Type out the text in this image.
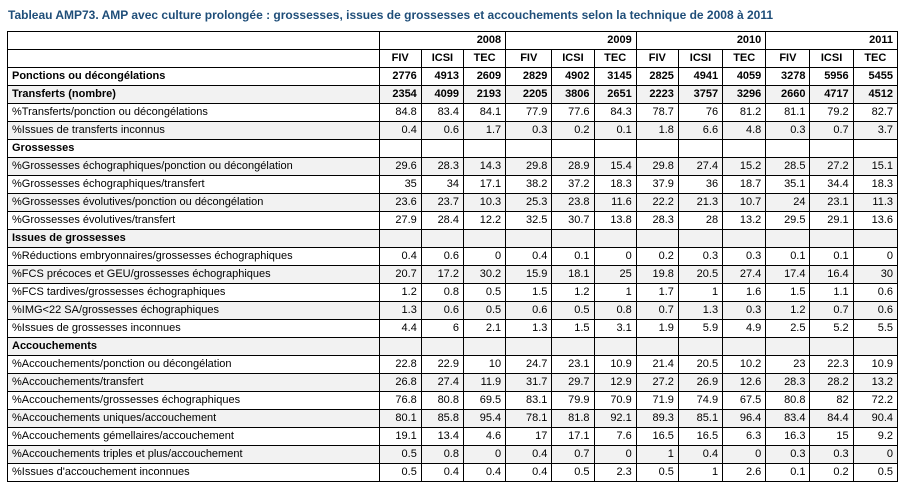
Tableau AMP73. AMP avec culture prolongée : grossesses, issues de grossesses et accouchements selon la technique de 2008 à 2011
	2008			2009			2010			2011		
	FIV	ICSI	TEC	FIV	ICSI	TEC	FIV	ICSI	TEC	FIV	ICSI	TEC
Ponctions ou décongélations	2776	4913	2609	2829	4902	3145	2825	4941	4059	3278	5956	5455
Transferts (nombre)	2354	4099	2193	2205	3806	2651	2223	3757	3296	2660	4717	4512
%Transferts/ponction ou décongélations	84.8	83.4	84.1	77.9	77.6	84.3	78.7	76	81.2	81.1	79.2	82.7
%Issues de transferts inconnus	0.4	0.6	1.7	0.3	0.2	0.1	1.8	6.6	4.8	0.3	0.7	3.7
Grossesses												
%Grossesses échographiques/ponction ou décongélation	29.6	28.3	14.3	29.8	28.9	15.4	29.8	27.4	15.2	28.5	27.2	15.1
%Grossesses échographiques/transfert	35	34	17.1	38.2	37.2	18.3	37.9	36	18.7	35.1	34.4	18.3
%Grossesses évolutives/ponction ou décongélation	23.6	23.7	10.3	25.3	23.8	11.6	22.2	21.3	10.7	24	23.1	11.3
%Grossesses évolutives/transfert	27.9	28.4	12.2	32.5	30.7	13.8	28.3	28	13.2	29.5	29.1	13.6
Issues de grossesses												
%Réductions embryonnaires/grossesses échographiques	0.4	0.6	0	0.4	0.1	0	0.2	0.3	0.3	0.1	0.1	0
%FCS précoces et GEU/grossesses échographiques	20.7	17.2	30.2	15.9	18.1	25	19.8	20.5	27.4	17.4	16.4	30
%FCS tardives/grossesses échographiques	1.2	0.8	0.5	1.5	1.2	1	1.7	1	1.6	1.5	1.1	0.6
%IMG<22 SA/grossesses échographiques	1.3	0.6	0.5	0.6	0.5	0.8	0.7	1.3	0.3	1.2	0.7	0.6
%Issues de grossesses inconnues	4.4	6	2.1	1.3	1.5	3.1	1.9	5.9	4.9	2.5	5.2	5.5
Accouchements												
%Accouchements/ponction ou décongélation	22.8	22.9	10	24.7	23.1	10.9	21.4	20.5	10.2	23	22.3	10.9
%Accouchements/transfert	26.8	27.4	11.9	31.7	29.7	12.9	27.2	26.9	12.6	28.3	28.2	13.2
%Accouchements/grossesses échographiques	76.8	80.8	69.5	83.1	79.9	70.9	71.9	74.9	67.5	80.8	82	72.2
%Accouchements uniques/accouchement	80.1	85.8	95.4	78.1	81.8	92.1	89.3	85.1	96.4	83.4	84.4	90.4
%Accouchements gémellaires/accouchement	19.1	13.4	4.6	17	17.1	7.6	16.5	16.5	6.3	16.3	15	9.2
%Accouchements triples et plus/accouchement	0.5	0.8	0	0.4	0.7	0	1	0.4	0	0.3	0.3	0
%Issues d'accouchement inconnues	0.5	0.4	0.4	0.4	0.5	2.3	0.5	1	2.6	0.1	0.2	0.5
